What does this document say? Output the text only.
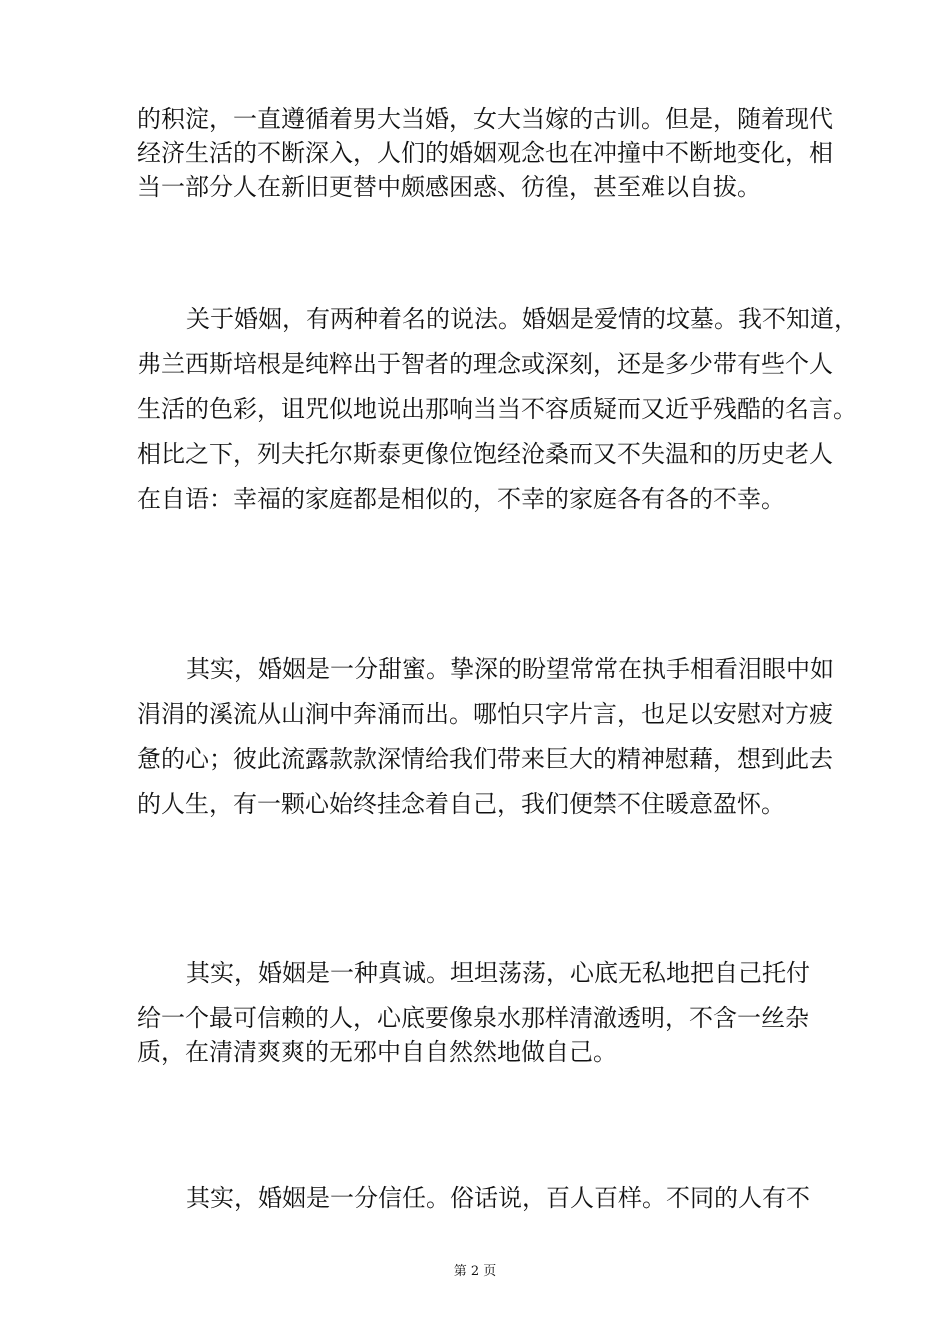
的积淀，一直遵循着男大当婚，女大当嫁的古训。但是，随着现代
经济生活的不断深入，人们的婚姻观念也在冲撞中不断地变化，相
当一部分人在新旧更替中颇感困惑、彷徨，甚至难以自拔。
关于婚姻，有两种着名的说法。婚姻是爱情的坟墓。我不知道，
弗兰西斯培根是纯粹出于智者的理念或深刻，还是多少带有些个人
生活的色彩，诅咒似地说出那响当当不容质疑而又近乎残酷的名言。
相比之下，列夫托尔斯泰更像位饱经沧桑而又不失温和的历史老人
在自语：幸福的家庭都是相似的，不幸的家庭各有各的不幸。
其实，婚姻是一分甜蜜。挚深的盼望常常在执手相看泪眼中如
涓涓的溪流从山涧中奔涌而出。哪怕只字片言，也足以安慰对方疲
惫的心；彼此流露款款深情给我们带来巨大的精神慰藉，想到此去
的人生，有一颗心始终挂念着自己，我们便禁不住暖意盈怀。
其实，婚姻是一种真诚。坦坦荡荡，心底无私地把自己托付
给一个最可信赖的人，心底要像泉水那样清澈透明，不含一丝杂
质，在清清爽爽的无邪中自自然然地做自己。
其实，婚姻是一分信任。俗话说，百人百样。不同的人有不
第 2 页
